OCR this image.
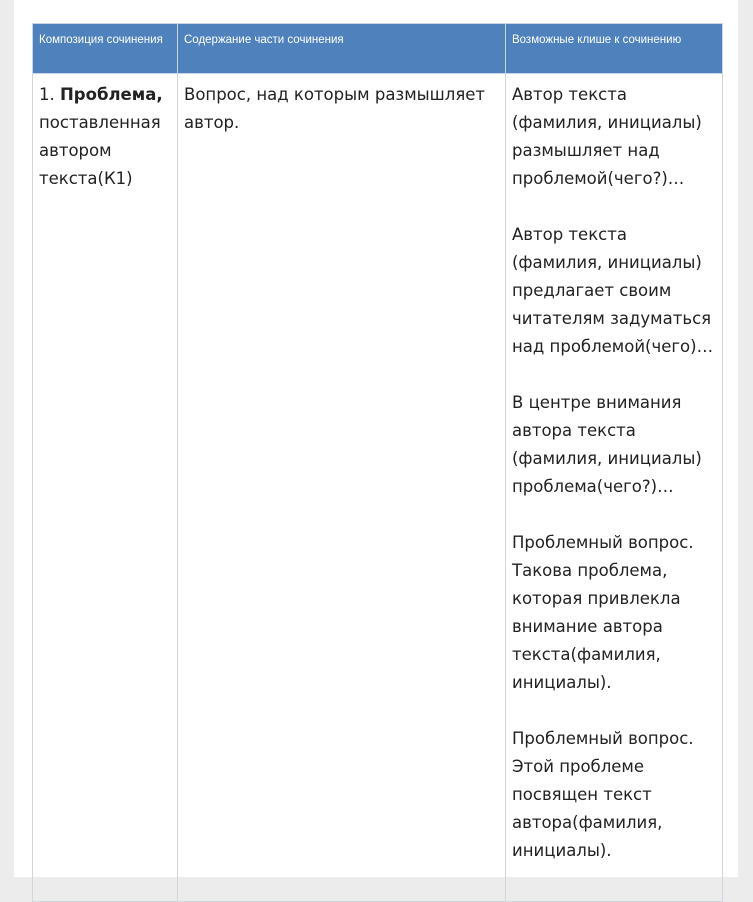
Композиция сочинения	Содержание части сочинения	Возможные клише к сочинению
1. Проблема, поставленная автором текста(К1)	Вопрос, над которым размышляет автор.	Автор текста (фамилия, инициалы) размышляет над проблемой(чего?)…

Автор текста (фамилия, инициалы) предлагает своим читателям задуматься над проблемой(чего)…

В центре внимания автора текста (фамилия, инициалы) проблема(чего?)…

Проблемный вопрос. Такова проблема, которая привлекла внимание автора текста(фамилия, инициалы).

Проблемный вопрос. Этой проблеме посвящен текст автора(фамилия, инициалы).
